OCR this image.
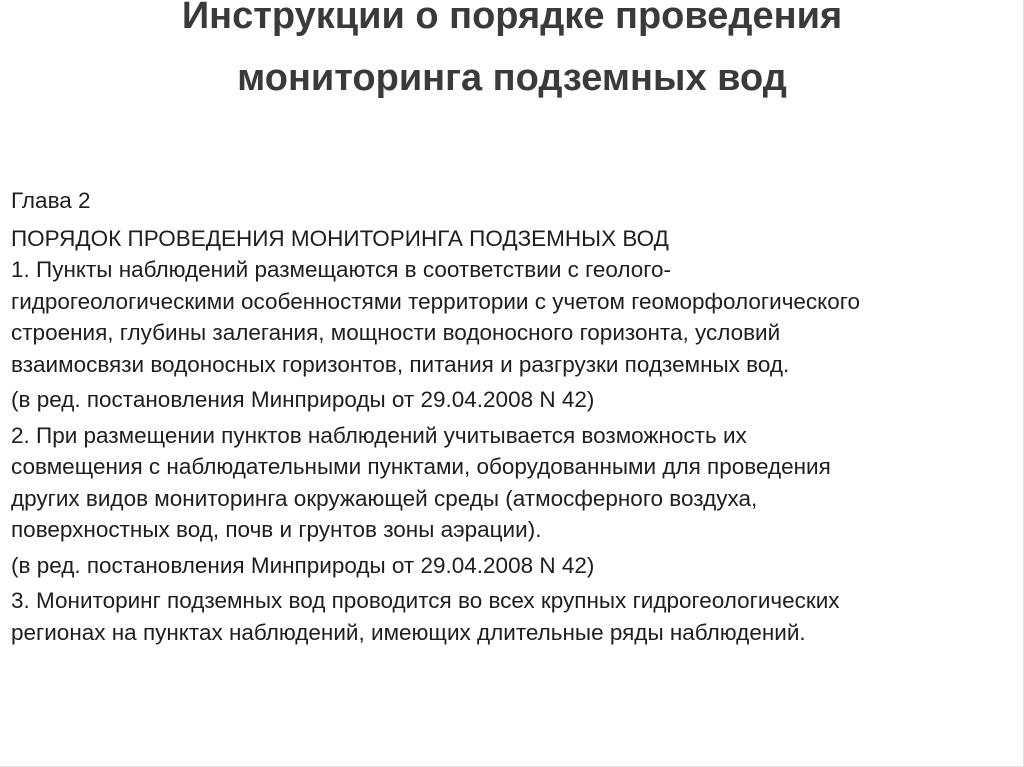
Инструкции о порядке проведения
мониторинга подземных вод

Глава 2

ПОРЯДОК ПРОВЕДЕНИЯ МОНИТОРИНГА ПОДЗЕМНЫХ ВОД

1. Пункты наблюдений размещаются в соответствии с геолого-

гидрогеологическими особенностями территории с учетом геоморфологического

строения, глубины залегания, мощности водоносного горизонта, условий

взаимосвязи водоносных горизонтов, питания и разгрузки подземных вод.

(в ред. постановления Минприроды от 29.04.2008 N 42)

2. При размещении пунктов наблюдений учитывается возможность их

совмещения с наблюдательными пунктами, оборудованными для проведения

других видов мониторинга окружающей среды (атмосферного воздуха,

поверхностных вод, почв и грунтов зоны аэрации).

(в ред. постановления Минприроды от 29.04.2008 N 42)

3. Мониторинг подземных вод проводится во всех крупных гидрогеологических

регионах на пунктах наблюдений, имеющих длительные ряды наблюдений.
